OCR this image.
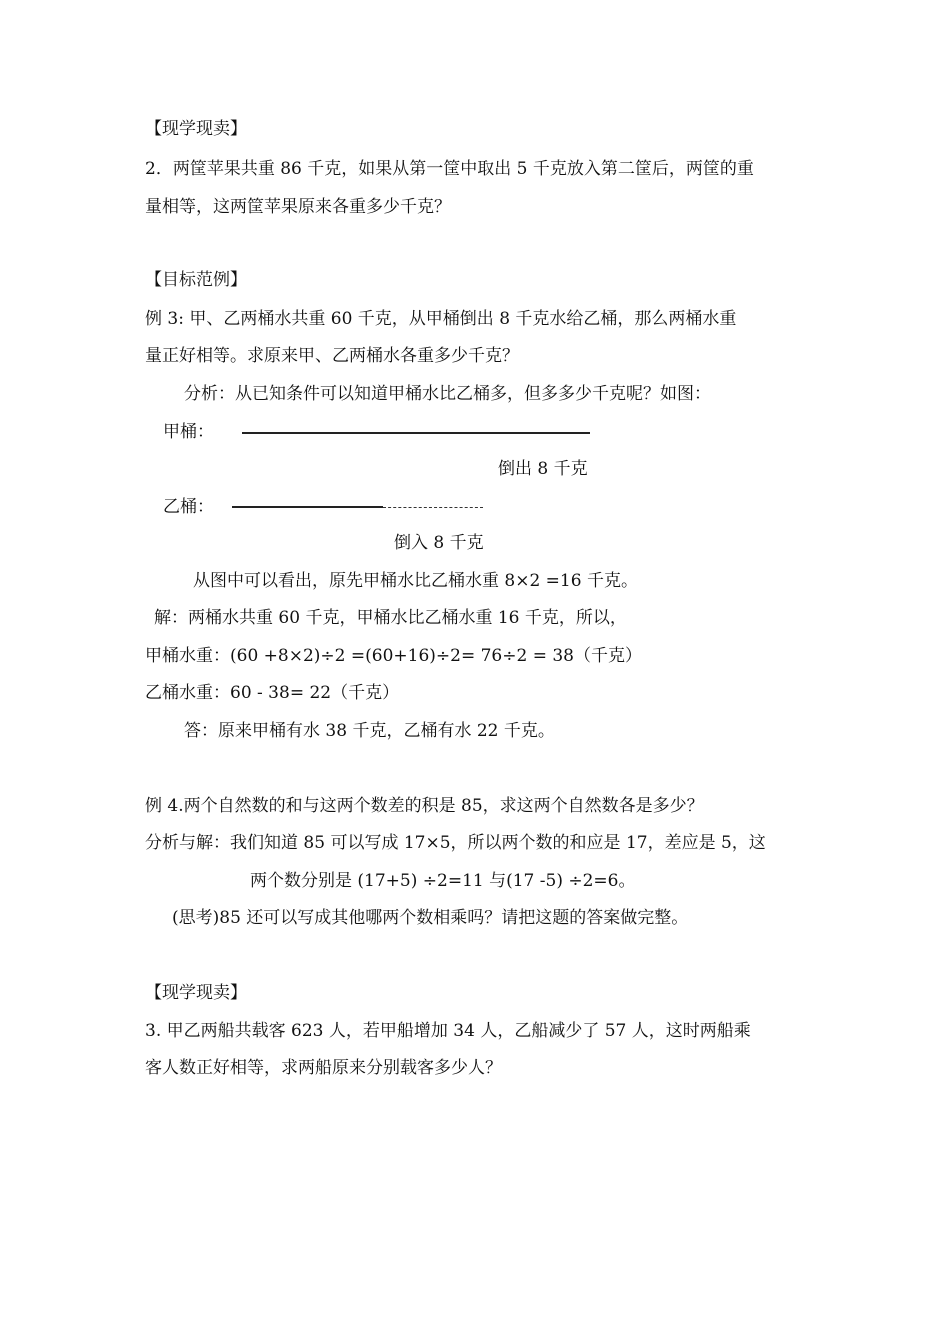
【现学现卖】
2．两筐苹果共重 86 千克，如果从第一筐中取出 5 千克放入第二筐后，两筐的重
量相等，这两筐苹果原来各重多少千克？
【目标范例】
例 3: 甲、乙两桶水共重 60 千克，从甲桶倒出 8 千克水给乙桶，那么两桶水重
量正好相等。求原来甲、乙两桶水各重多少千克？
分析：从已知条件可以知道甲桶水比乙桶多，但多多少千克呢？如图：
甲桶：
倒出 8 千克
乙桶：
倒入 8 千克
从图中可以看出，原先甲桶水比乙桶水重 8×2 =16 千克。
解：两桶水共重 60 千克，甲桶水比乙桶水重 16 千克，所以，
甲桶水重：(60 +8×2)÷2 =(60+16)÷2= 76÷2 = 38（千克）
乙桶水重：60 - 38= 22（千克）
答：原来甲桶有水 38 千克，乙桶有水 22 千克。
例 4.两个自然数的和与这两个数差的积是 85，求这两个自然数各是多少？
分析与解：我们知道 85 可以写成 17×5，所以两个数的和应是 17，差应是 5，这
两个数分别是 (17+5) ÷2=11 与(17 -5) ÷2=6。
(思考)85 还可以写成其他哪两个数相乘吗？请把这题的答案做完整。
【现学现卖】
3. 甲乙两船共载客 623 人，若甲船增加 34 人，乙船减少了 57 人，这时两船乘
客人数正好相等，求两船原来分别载客多少人？
